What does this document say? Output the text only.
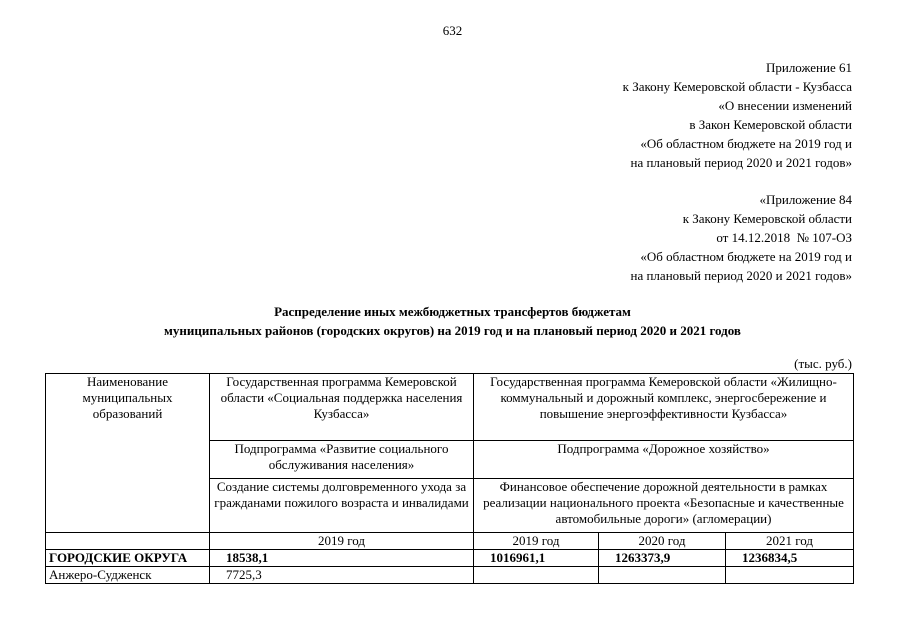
632
Приложение 61
к Закону Кемеровской области - Кузбасса
«О внесении изменений
в Закон Кемеровской области
«Об областном бюджете на 2019 год и
на плановый период 2020 и 2021 годов»
«Приложение 84
к Закону Кемеровской области
от 14.12.2018  № 107-ОЗ
«Об областном бюджете на 2019 год и
на плановый период 2020 и 2021 годов»
Распределение иных межбюджетных трансфертов бюджетам
муниципальных районов (городских округов) на 2019 год и на плановый период 2020 и 2021 годов
(тыс. руб.)
Наименование муниципальных образований	Государственная программа Кемеровской области «Социальная поддержка населения Кузбасса»	Государственная программа Кемеровской области «Жилищно-коммунальный и дорожный комплекс, энергосбережение и повышение энергоэффективности Кузбасса»		
	Подпрограмма «Развитие социального обслуживания населения»	Подпрограмма «Дорожное хозяйство»		
	Создание системы долговременного ухода за гражданами пожилого возраста и инвалидами	Финансовое обеспечение дорожной деятельности в рамках реализации национального проекта «Безопасные и качественные автомобильные дороги» (агломерации)		
	2019 год	2019 год	2020 год	2021 год
ГОРОДСКИЕ ОКРУГА	18538,1	1016961,1	1263373,9	1236834,5
Анжеро-Судженск	7725,3			
